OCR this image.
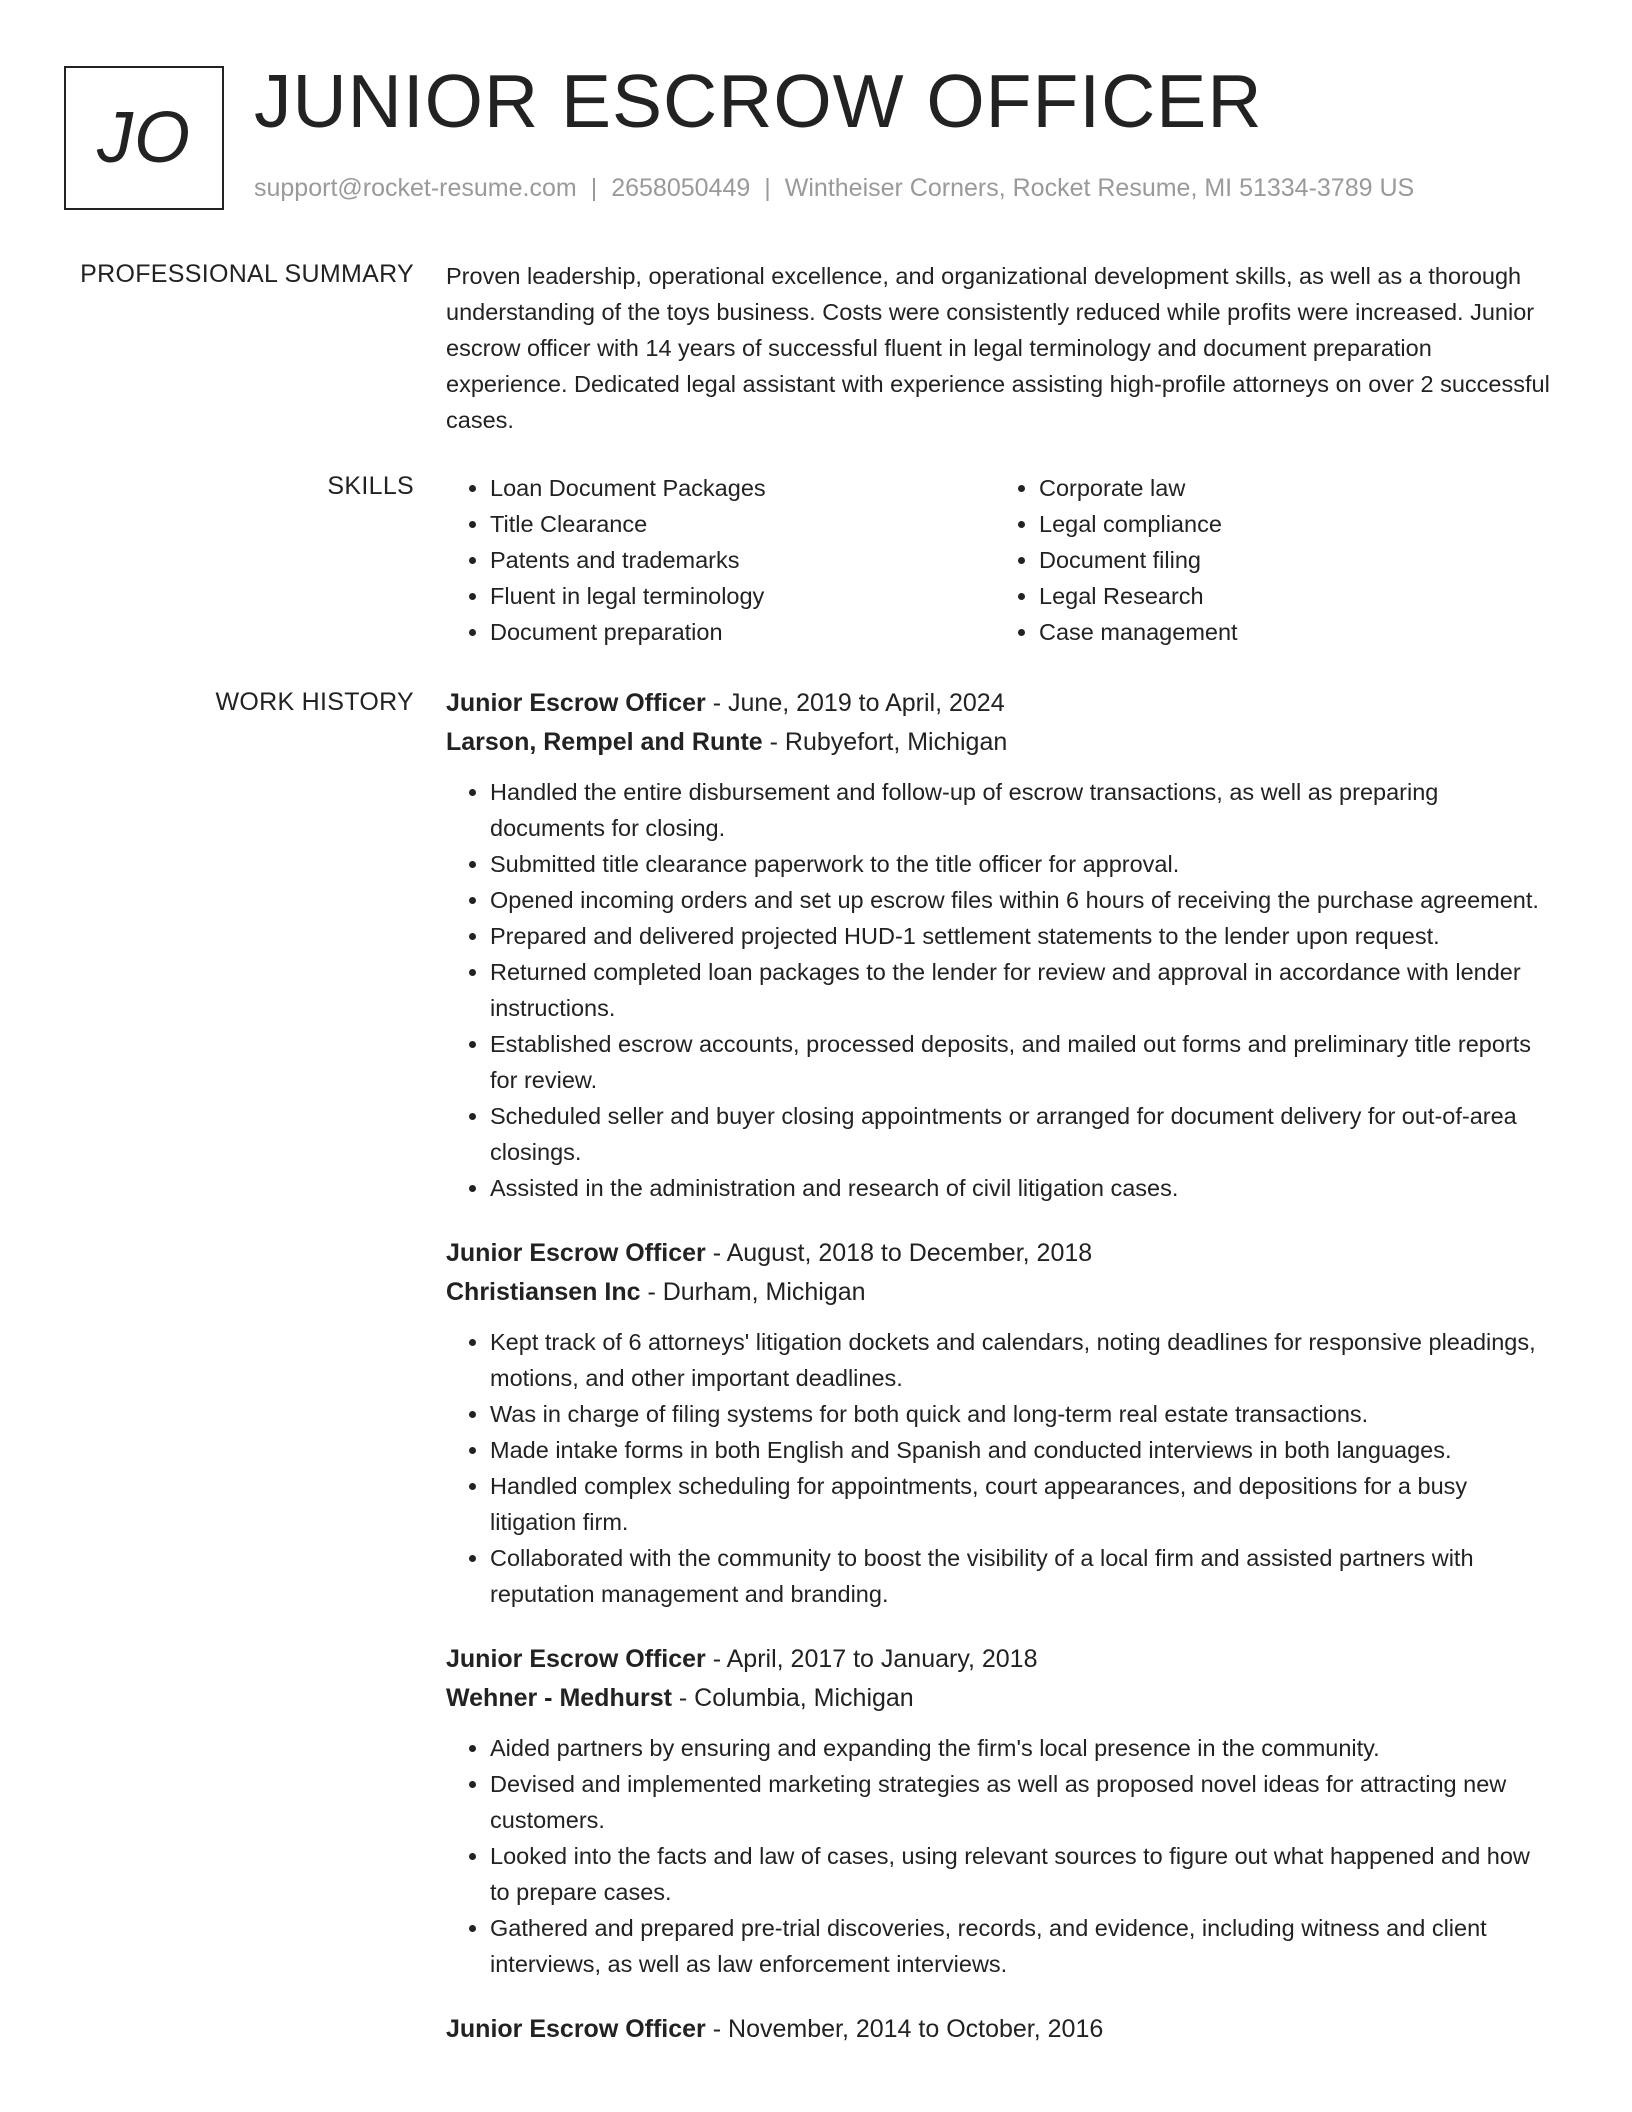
JO JUNIOR ESCROW OFFICER
support@rocket-resume.com | 2658050449 | Wintheiser Corners, Rocket Resume, MI 51334-3789 US
PROFESSIONAL SUMMARY Proven leadership, operational excellence, and organizational development skills, as well as a thorough understanding of the toys business. Costs were consistently reduced while profits were increased. Junior escrow officer with 14 years of successful fluent in legal terminology and document preparation experience. Dedicated legal assistant with experience assisting high-profile attorneys on over 2 successful cases.

SKILLS
•	Loan Document Packages
• Title Clearance
• Patents and trademarks
• Fluent in legal terminology
• Document preparation
• Corporate law
• Legal compliance
• Document filing
• Legal Research
• Case management
WORK HISTORY Junior Escrow Officer - June, 2019 to April, 2024
Larson, Rempel and Runte - Rubyefort, Michigan
• Handled the entire disbursement and follow-up of escrow transactions, as well as preparing documents for closing.
• Submitted title clearance paperwork to the title officer for approval.
• Opened incoming orders and set up escrow files within 6 hours of receiving the purchase agreement.
• Prepared and delivered projected HUD-1 settlement statements to the lender upon request.
• Returned completed loan packages to the lender for review and approval in accordance with lender instructions.
• Established escrow accounts, processed deposits, and mailed out forms and preliminary title reports for review.
• Scheduled seller and buyer closing appointments or arranged for document delivery for out-of-area closings.
• Assisted in the administration and research of civil litigation cases.
Junior Escrow Officer - August, 2018 to December, 2018
Christiansen Inc - Durham, Michigan
• Kept track of 6 attorneys' litigation dockets and calendars, noting deadlines for responsive pleadings, motions, and other important deadlines.
• Was in charge of filing systems for both quick and long-term real estate transactions.
• Made intake forms in both English and Spanish and conducted interviews in both languages.
• Handled complex scheduling for appointments, court appearances, and depositions for a busy litigation firm.
• Collaborated with the community to boost the visibility of a local firm and assisted partners with reputation management and branding.
Junior Escrow Officer - April, 2017 to January, 2018
Wehner - Medhurst - Columbia, Michigan
• Aided partners by ensuring and expanding the firm's local presence in the community.
• Devised and implemented marketing strategies as well as proposed novel ideas for attracting new customers.
• Looked into the facts and law of cases, using relevant sources to figure out what happened and how to prepare cases.
• Gathered and prepared pre-trial discoveries, records, and evidence, including witness and client interviews, as well as law enforcement interviews.
Junior Escrow Officer - November, 2014 to October, 2016
